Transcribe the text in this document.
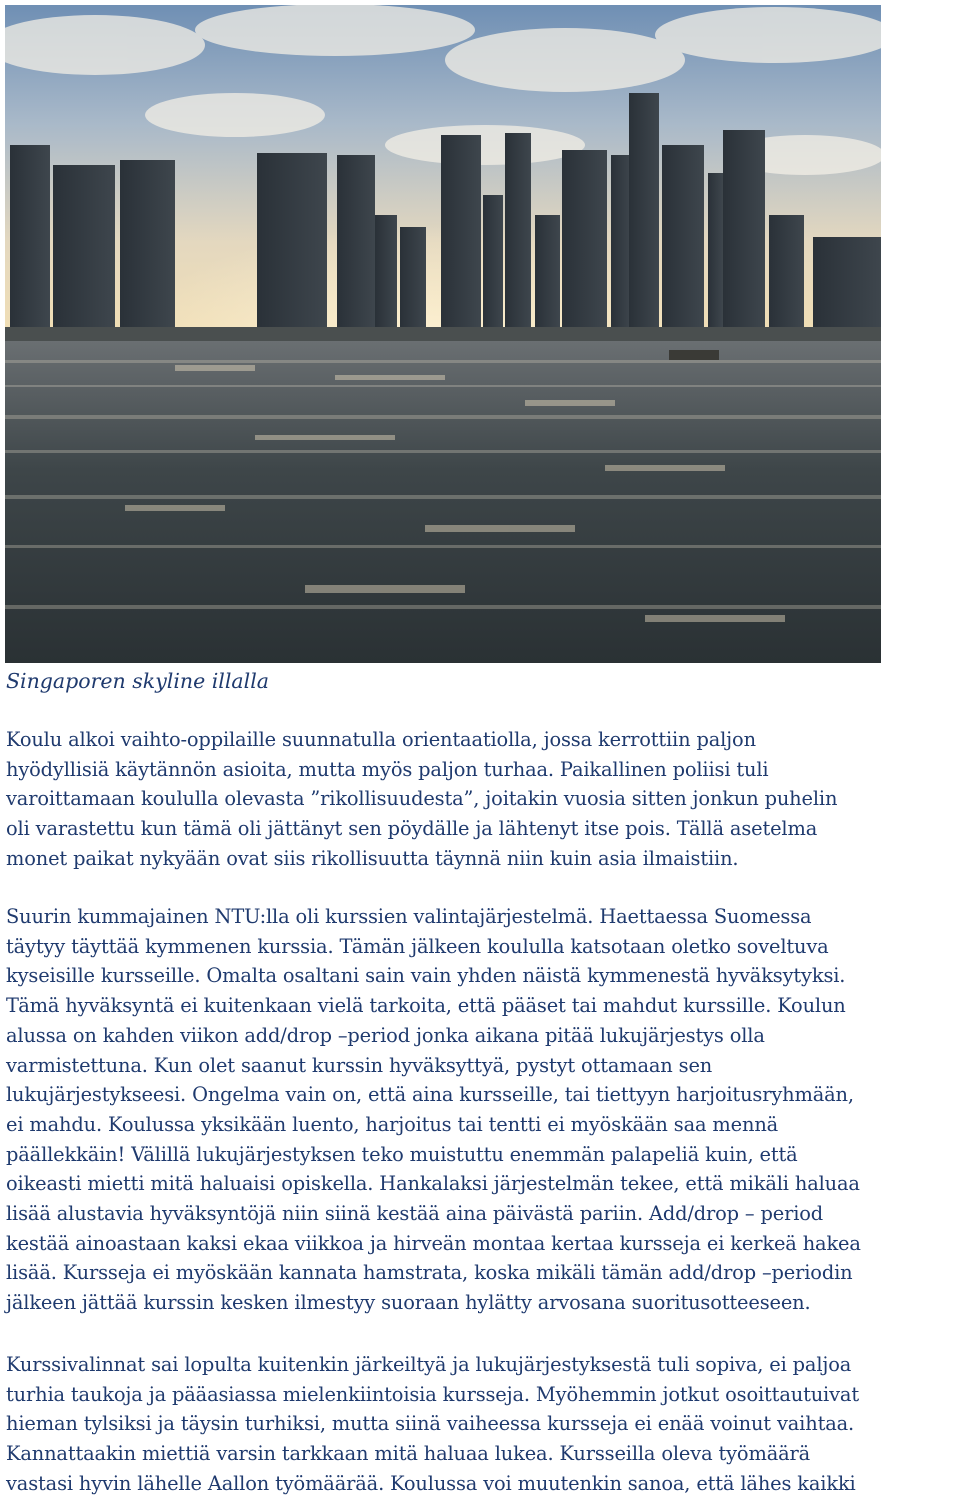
Singaporen skyline illalla
Koulu alkoi vaihto-oppilaille suunnatulla orientaatiolla, jossa kerrottiin paljon
hyödyllisiä käytännön asioita, mutta myös paljon turhaa. Paikallinen poliisi tuli
varoittamaan koululla olevasta ”rikollisuudesta”, joitakin vuosia sitten jonkun puhelin
oli varastettu kun tämä oli jättänyt sen pöydälle ja lähtenyt itse pois. Tällä asetelma
monet paikat nykyään ovat siis rikollisuutta täynnä niin kuin asia ilmaistiin.
Suurin kummajainen NTU:lla oli kurssien valintajärjestelmä. Haettaessa Suomessa
täytyy täyttää kymmenen kurssia. Tämän jälkeen koululla katsotaan oletko soveltuva
kyseisille kursseille. Omalta osaltani sain vain yhden näistä kymmenestä hyväksytyksi.
Tämä hyväksyntä ei kuitenkaan vielä tarkoita, että pääset tai mahdut kurssille. Koulun
alussa on kahden viikon add/drop –period jonka aikana pitää lukujärjestys olla
varmistettuna. Kun olet saanut kurssin hyväksyttyä, pystyt ottamaan sen
lukujärjestykseesi. Ongelma vain on, että aina kursseille, tai tiettyyn harjoitusryhmään,
ei mahdu. Koulussa yksikään luento, harjoitus tai tentti ei myöskään saa mennä
päällekkäin! Välillä lukujärjestyksen teko muistuttu enemmän palapeliä kuin, että
oikeasti mietti mitä haluaisi opiskella. Hankalaksi järjestelmän tekee, että mikäli haluaa
lisää alustavia hyväksyntöjä niin siinä kestää aina päivästä pariin. Add/drop – period
kestää ainoastaan kaksi ekaa viikkoa ja hirveän montaa kertaa kursseja ei kerkeä hakea
lisää. Kursseja ei myöskään kannata hamstrata, koska mikäli tämän add/drop –periodin
jälkeen jättää kurssin kesken ilmestyy suoraan hylätty arvosana suoritusotteeseen.
Kurssivalinnat sai lopulta kuitenkin järkeiltyä ja lukujärjestyksestä tuli sopiva, ei paljoa
turhia taukoja ja pääasiassa mielenkiintoisia kursseja. Myöhemmin jotkut osoittautuivat
hieman tylsiksi ja täysin turhiksi, mutta siinä vaiheessa kursseja ei enää voinut vaihtaa.
Kannattaakin miettiä varsin tarkkaan mitä haluaa lukea. Kursseilla oleva työmäärä
vastasi hyvin lähelle Aallon työmäärää. Koulussa voi muutenkin sanoa, että lähes kaikki
